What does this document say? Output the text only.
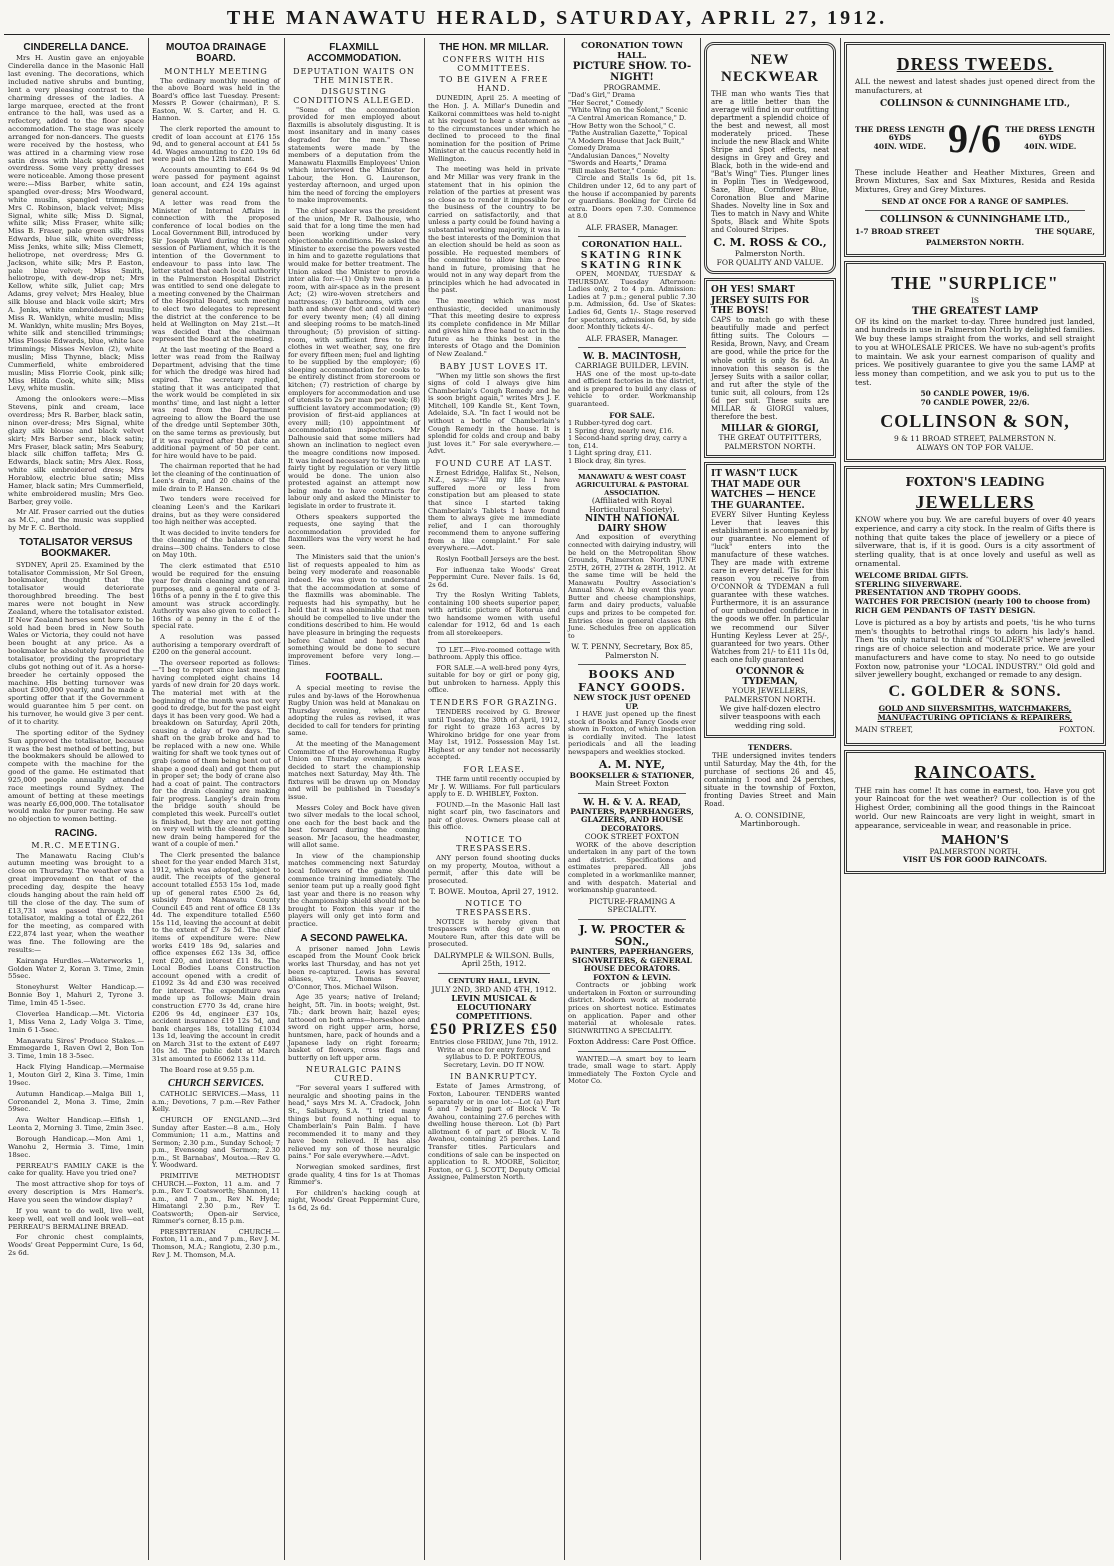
THE MANAWATU HERALD, SATURDAY, APRIL 27, 1912.
CINDERELLA DANCE.

Mrs H. Austin gave an enjoyable Cinderella dance in the Masonic Hall last evening. The decorations, which included native shrubs and bunting, lent a very pleasing contrast to the charming dresses of the ladies. A large marquee, erected at the front entrance to the hall, was used as a refectory, added to the floor space accommodation. The stage was nicely arranged for non-dancers. The guests were received by the hostess, who was attired in a charming view rose satin dress with black spangled net overdress. Some very pretty dresses were noticeable. Among those present were:—Miss Barber, white satin, spangled over-dress; Mrs Woodward, white muslin, spangled trimmings; Mrs C. Robinson, black velvet; Miss Signal, white silk; Miss D. Signal, white silk; Miss Fraser, white silk; Miss B. Fraser, pale green silk; Miss Edwards, blue silk, white overdress; Miss Jenks, white silk; Miss Clemett, heliotrope, net overdress; Mrs G. Jackson, white silk; Mrs P. Easton, pale blue velvet; Miss Smith, heliotrope, with dew-drop net; Mrs Kellow, white silk, Juliet cap; Mrs Adams, grey velvet; Mrs Healey, blue silk blouse and black voile skirt; Mrs A. Jenks, white embroidered muslin; Miss R. Wanklyn, white muslin; Miss M. Wanklyn, white muslin; Mrs Boyes, white silk and stencilled trimmings; Miss Flossie Edwards, blue, white lace trimmings; Misses Nevlon (2), white muslin; Miss Thynne, black; Miss Cummerfield, white embroidered muslin; Miss Florrie Cook, pink silk; Miss Hilda Cook, white silk; Miss Levy, white muslin.

Among the onlookers were:—Miss Stevens, pink and cream, lace overdress; Mrs R. Barber, black satin, ninon over-dress; Mrs Signal, white glazy silk blouse and black velvet skirt; Mrs Barber senr., black satin; Mrs Fraser, black satin; Mrs Seabury, black silk chiffon taffeta; Mrs G. Edwards, black satin; Mrs Alex. Ross, white silk embroidered dress; Mrs Horablow, electric blue satin; Miss Hamer, black satin; Mrs Cummerfield, white embroidered muslin; Mrs Geo. Barber, grey voile.

Mr Alf. Fraser carried out the duties as M.C., and the music was supplied by Mr F. C. Berthold.

TOTALISATOR VERSUS BOOKMAKER.

SYDNEY, April 25. Examined by the totalisator Commission, Mr Sol Green, bookmaker, thought that the totalisator would deteriorate thoroughbred breeding. The best mares were not bought in New Zealand, where the totalisator existed. If New Zealand horses sent here to be sold had been bred in New South Wales or Victoria, they could not have been bought at any price. As a bookmaker he absolutely favoured the totalisator, providing the proprietary clubs got nothing out of it. As a horse-breeder he certainly opposed the machine. His betting turnover was about £300,000 yearly, and he made a sporting offer that if the Government would guarantee him 5 per cent. on his turnover, he would give 3 per cent. of it to charity.

The sporting editor of the Sydney Sun approved the totalisator, because it was the best method of betting, but the bookmakers should be allowed to compete with the machine for the good of the game. He estimated that 925,000 people annually attended race meetings round Sydney. The amount of betting at these meetings was nearly £6,000,000. The totalisator would make for purer racing. He saw no objection to women betting.

RACING.
M.R.C. MEETING.

The Manawatu Racing Club's autumn meeting was brought to a close on Thursday. The weather was a great improvement on that of the preceding day, despite the heavy clouds hanging about the rain held off till the close of the day. The sum of £13,731 was passed through the totalisator, making a total of £22,261 for the meeting, as compared with £22,874 last year, when the weather was fine. The following are the results:—

Kairanga Hurdles.—Waterworks 1, Golden Water 2, Koran 3. Time, 2min 55sec.

Stoneyhurst Welter Handicap.—Bonnie Boy 1, Mahuri 2, Tyrone 3. Time, 1min 45 1-5sec.

Cloverlea Handicap.—Mt. Victoria 1, Miss Vena 2, Lady Volga 3. Time, 1min 6 1-5sec.

Manawatu Sires' Produce Stakes.—Emmegarde 1, Raven Owl 2, Bon Ton 3. Time, 1min 18 3-5sec.

Hack Flying Handicap.—Mermaise 1, Mouton Girl 2, Kina 3. Time, 1min 19sec.

Autumn Handicap.—Malga Bill 1, Coronandel 2, Mona 3. Time, 2min 59sec.

Ava Welter Handicap.—Elfish 1, Leonta 2, Morning 3. Time, 2min 3sec.

Borough Handicap.—Mon Ami 1, Wanohu 2, Hermia 3. Time, 1min 18sec.

PERREAU'S FAMILY CAKE is the cake for quality. Have you tried one?

The most attractive shop for toys of every description is Mrs Hamer's. Have you seen the window display?

If you want to do well, live well, keep well, eat well and look well—eat PERREAU'S BERMALINE BREAD.

For chronic chest complaints, Woods' Great Peppermint Cure, 1s 6d, 2s 6d.

MOUTOA DRAINAGE BOARD.
MONTHLY MEETING

The ordinary monthly meeting of the above Board was held in the Board's office last Tuesday. Present: Messrs P. Gower (chairman), P. S. Easton, W. S. Carter, and H. G. Hannon.

The clerk reported the amount to credit of loan account at £176 15s 9d, and to general account at £41 5s 4d. Wages amounting to £20 19s 6d were paid on the 12th instant.

Accounts amounting to £64 9s 9d were passed for payment against loan account, and £24 19s against general account.

A letter was read from the Minister of Internal Affairs in connection with the proposed conference of local bodies on the Local Government Bill, introduced by Sir Joseph Ward during the recent session of Parliament, which it is the intention of the Government to endeavour to pass into law. The letter stated that each local authority in the Palmerston Hospital District was entitled to send one delegate to a meeting convened by the Chairman of the Hospital Board, such meeting to elect two delegates to represent the district at the conference to be held at Wellington on May 21st.—It was decided that the chairman represent the Board at the meeting.

At the last meeting of the Board a letter was read from the Railway Department, advising that the time for which the dredge was hired had expired. The secretary replied, stating that it was anticipated that the work would be completed in six months' time, and last night a letter was read from the Department agreeing to allow the Board the use of the dredge until September 30th, on the same terms as previously, but if it was required after that date an additional payment of 50 per cent. for hire would have to be paid.

The chairman reported that he had let the cleaning of the continuation of Leen's drain, and 20 chains of the mile drain to P. Hansen.

Two tenders were received for cleaning Leen's and the Karikari drains, but as they were considered too high neither was accepted.

It was decided to invite tenders for the cleaning of the balance of the drains—300 chains. Tenders to close on May 10th.

The clerk estimated that £510 would be required for the ensuing year for drain cleaning and general purposes, and a general rate of 3-16ths of a penny in the £ to give this amount was struck accordingly. Authority was also given to collect 1-16ths of a penny in the £ of the special rate.

A resolution was passed authorising a temporary overdraft of £200 on the general account.

The overseer reported as follows:—"I beg to report since last meeting having completed eight chains 14 yards of new drain for 20 days work. The material met with at the beginning of the month was not very good to dredge, but for the past eight days it has been very good. We had a breakdown on Saturday, April 20th, causing a delay of two days. The shaft on the grab broke and had to be replaced with a new one. While waiting for shaft we took tynes out of grab (some of them being bent out of shape a good deal) and got them put in proper set; the body of crane also had a coat of paint. The contractors for the drain cleaning are making fair progress. Langley's drain from the bridge south should be completed this week. Purcell's outlet is finished, but they are not getting on very well with the cleaning of the new drain being hampered for the want of a couple of men."

The Clerk presented the balance sheet for the year ended March 31st, 1912, which was adopted, subject to audit. The receipts of the general account totalled £553 15s 1od, made up of general rates £500 2s 6d, subsidy from Manawatu County Council £45 and rent of office £8 13s 4d. The expenditure totalled £560 15s 11d, leaving the account at debit to the extent of £7 3s 5d. The chief items of expenditure were: New works £419 18s 9d, salaries and office expenses £62 13s 3d, office rent £20, and interest £11 8s. The Local Bodies Loans Construction account opened with a credit of £1092 3s 4d and £30 was received for interest. The expenditure was made up as follows: Main drain construction £770 3s 4d, crane hire £206 9s 4d, engineer £37 10s, accident insurance £19 12s 5d, and bank charges 18s, totalling £1034 13s 1d, leaving the account in credit on March 31st to the extent of £497 10s 3d. The public debt at March 31st amounted to £6062 13s 11d.

The Board rose at 9.55 p.m.

CHURCH SERVICES.

CATHOLIC SERVICES.—Mass, 11 a.m.; Devotions, 7 p.m.—Rev Father Kelly.

CHURCH OF ENGLAND.—3rd Sunday after Easter.—8 a.m., Holy Communion; 11 a.m., Mattins and Sermon; 2.30 p.m., Sunday School; 7 p.m., Evensong and Sermon; 2.30 p.m., St Barnabas', Moutoa.—Rev G. Y. Woodward.

PRIMITIVE METHODIST CHURCH.—Foxton, 11 a.m. and 7 p.m., Rev T. Coatsworth; Shannon, 11 a.m., and 7 p.m., Rev N. Hyde; Himatangi 2.30 p.m., Rev T. Coatsworth; Open-air Service, Rimmer's corner, 8.15 p.m.

PRESBYTERIAN CHURCH.—Foxton, 11 a.m., and 7 p.m., Rev J. M. Thomson, M.A.; Rangiotu, 2.30 p.m., Rev J. M. Thomson, M.A.

FLAXMILL ACCOMMODATION.
DEPUTATION WAITS ON THE MINISTER.
DISGUSTING CONDITIONS ALLEGED.

"Some of the accommodation provided for men employed about flaxmills is absolutely disgusting. It is most insanitary and in many cases degraded for the men." These statements were made by the members of a deputation from the Manawatu Flaxmills Employees' Union which interviewed the Minister for Labour, the Hon. G. Laurenson, yesterday afternoon, and urged upon him the need of forcing the employers to make improvements.

The chief speaker was the president of the union, Mr R. Dalhousie, who said that for a long time the men had been working under very objectionable conditions. He asked the Minister to exercise the powers vested in him and to gazette regulations that would make for better treatment. The Union asked the Minister to provide inter alia for:—(1) Only two men in a room, with air-space as in the present Act; (2) wire-woven stretchers and mattresses; (3) bathrooms, with one bath and shower (hot and cold water) for every twenty men; (4) all dining and sleeping rooms to be match-lined throughout; (5) provision of sitting-room, with sufficient fires to dry clothes in wet weather, say, one fire for every fifteen men; fuel and lighting to be supplied by the employer; (6) sleeping accommodation for cooks to be entirely distinct from storeroom or kitchen; (7) restriction of charge by employers for accommodation and use of utensils to 2s per man per week; (8) sufficient lavatory accommodation; (9) provision of first-aid appliances at every mill; (10) appointment of accommodation inspectors. Mr Dalhousie said that some millers had shown an inclination to neglect even the meagre conditions now imposed. It was indeed necessary to tie them up fairly tight by regulation or very little would be done. The union also protested against an attempt now being made to have contracts for labour only and asked the Minister to legislate in order to frustrate it.

Others speakers supported the requests, one saying that the accommodation provided for flaxmillers was the very worst he had seen.

The Ministers said that the union's list of requests appealed to him as being very moderate and reasonable indeed. He was given to understand that the accommodation at some of the flaxmills was abominable. The requests had his sympathy, but he held that it was abominable that men should be compelled to live under the conditions described to him. He would have pleasure in bringing the requests before Cabinet and hoped that something would be done to secure improvement before very long.—Times.

FOOTBALL.

A special meeting to revise the rules and by-laws of the Horowhenua Rugby Union was held at Manakau on Thursday evening, when after adopting the rules as revised, it was decided to call for tenders for printing same.

At the meeting of the Management Committee of the Horowhenua Rugby Union on Thursday evening, it was decided to start the championship matches next Saturday, May 4th. The fixtures will be drawn up on Monday and will be published in Tuesday's issue.

Messrs Coley and Bock have given two silver medals to the local school, one each for the best back and the best forward during the coming season. Mr Jacasou, the headmaster, will allot same.

In view of the championship matches commencing next Saturday local followers of the game should commence training immediately. The senior team put up a really good fight last year and there is no reason why the championship shield should not be brought to Foxton this year if the players will only get into form and practice.

A SECOND PAWELKA.

A prisoner named John Lewis escaped from the Mount Cook brick works last Thursday, and has not yet been re-captured. Lewis has several aliases, viz., Thomas Feaver, O'Connor, Thos. Michael Wilson.

Age 35 years; native of Ireland; height, 5ft. 7in. in boots; weight, 9st. 7lb.; dark brown hair, hazel eyes; tattooed on both arms—horseshoe and sword on right upper arm, horse, huntsmen, hare, pack of hounds and a Japanese lady on right forearm; basket of flowers, cross flags and butterfly on left upper arm.

NEURALGIC PAINS CURED.

"For several years I suffered with neuralgic and shooting pains in the head," says Mrs M. A. Cradock, John St., Salisbury, S.A. "I tried many things but found nothing equal to Chamberlain's Pain Balm. I have recommended it to many and they have been relieved. It has also relieved my son of those neuralgic pains." For sale everywhere.—Advt.

Norwegian smoked sardines, first grade quality, 4 tins for 1s at Thomas Rimmer's.

For children's hacking cough at night, Woods' Great Peppermint Cure, 1s 6d, 2s 6d.

THE HON. MR MILLAR.
CONFERS WITH HIS COMMITTEES.
TO BE GIVEN A FREE HAND.

DUNEDIN, April 25. A meeting of the Hon. J. A. Millar's Dunedin and Kaikorai committees was held to-night at his request to hear a statement as to the circumstances under which he declined to proceed to the final nomination for the position of Prime Minister at the caucus recently held in Wellington.

The meeting was held in private and Mr Millar was very frank in the statement that in his opinion the relation of the parties at present was so close as to render it impossible for the business of the country to be carried on satisfactorily, and that unless a party could be found having a substantial working majority, it was in the best interests of the Dominion that an election should be held as soon as possible. He requested members of the committee to allow him a free hand in future, promising that he would not in any way depart from the principles which he had advocated in the past.

The meeting which was most enthusiastic, decided unanimously "That this meeting desire to express its complete confidence in Mr Millar and gives him a free hand to act in the future as he thinks best in the interests of Otago and the Dominion of New Zealand."

BABY JUST LOVES IT.

"When my little son shows the first signs of cold I always give him Chamberlain's Cough Remedy and he is soon bright again," writes Mrs J. F. Mitchell, 109 Kandle St., Kent Town, Adelaide, S.A. "In fact I would not be without a bottle of Chamberlain's Cough Remedy in the house. It is splendid for colds and croup and baby just loves it." For sale everywhere.—Advt.

FOUND CURE AT LAST.

Ernest Edridge, Halifax St., Nelson, N.Z., says:—"All my life I have suffered more or less from constipation but am pleased to state that since I started taking Chamberlain's Tablets I have found them to always give me immediate relief, and I can thoroughly recommend them to anyone suffering from a like complaint." For sale everywhere.—Advt.

Roslyn Football Jerseys are the best.

For influenza take Woods' Great Peppermint Cure. Never fails. 1s 6d, 2s 6d.

Try the Roslyn Writing Tablets, containing 100 sheets superior paper, with artistic picture of Rotorua and two handsome women with useful calendar for 1912, 6d and 1s each from all storekeepers.

TO LET.—Five-roomed cottage with bathroom. Apply this office.

FOR SALE.—A well-bred pony 4yrs, suitable for boy or girl or pony gig, but unbroken to harness. Apply this office.

TENDERS FOR GRAZING.

TENDERS received by G. Brewer until Tuesday, the 30th of April, 1912, for right to graze 163 acres by Whirokino bridge for one year from May 1st, 1912. Possession May 1st. Highest or any tender not necessarily accepted.

FOR LEASE.

THE farm until recently occupied by Mr J. W. Williams. For full particulars apply to E. D. WHIBLEY, Foxton.

FOUND.—In the Masonic Hall last night scarf pin, two fascinators and pair of gloves. Owners please call at this office.

NOTICE TO TRESPASSERS.

ANY person found shooting ducks on my property, Moutoa, without a permit, after this date will be prosecuted.

T. BOWE. Moutoa, April 27, 1912.
NOTICE TO TRESPASSERS.

NOTICE is hereby given that trespassers with dog or gun on Moutere Run, after this date will be prosecuted.

DALRYMPLE & WILSON. Bulls, April 25th, 1912.
CENTURY HALL, LEVIN.
JULY 2ND, 3RD AND 4TH, 1912.
LEVIN MUSICAL & ELOCUTIONARY COMPETITIONS.
£50 PRIZES £50

Entries close FRIDAY, June 7th, 1912. Write at once for entry forms and syllabus to D. P. PORTEOUS, Secretary, Levin. DO IT NOW.

IN BANKRUPTCY.

Estate of James Armstrong, of Foxton, Labourer. TENDERS wanted separately or in one lot:—Lot (a) Part 6 and 7 being part of Block V. Te Awahou, containing 27.6 perches with dwelling house thereon. Lot (b) Part allotment 6 of part of Block V. Te Awahou, containing 25 perches. Land Transfer titles. Particulars and conditions of sale can be inspected on application to R. MOORE, Solicitor, Foxton, or G. J. SCOTT, Deputy Official Assignee, Palmerston North.

CORONATION TOWN HALL.
PICTURE SHOW. TO-NIGHT!
PROGRAMME.
"Dad's Girl," Drama
"Her Secret," Comedy
"White Wing on the Solent," Scenic
"A Central American Romance," D.
"How Betty won the School," C.
"Pathe Australian Gazette," Topical
"A Modern House that Jack Built," Comedy Drama
"Andalusian Dances," Novelty
"Swords and Hearts," Drama
"Bill makes Better," Comic

Circle and Stalls 1s 6d, pit 1s. Children under 12, 6d to any part of the house if accompanied by parents or guardians. Booking for Circle 6d extra. Doors open 7.30. Commence at 8.0

ALF. FRASER, Manager.
CORONATION HALL.
SKATING RINK SKATING RINK

OPEN, MONDAY, TUESDAY & THURSDAY. Tuesday Afternoon: Ladies only, 2 to 4 p.m. Admission: Ladies at 7 p.m.; general public 7.30 p.m. Admission, 6d. Use of Skates: Ladies 6d, Gents 1/-. Stage reserved for spectators, admission 6d, by side door. Monthly tickets 4/-.

ALF. FRASER, Manager.
W. B. MACINTOSH,
CARRIAGE BUILDER, LEVIN.

HAS one of the most up-to-date and efficient factories in the district, and is prepared to build any class of vehicle to order. Workmanship guaranteed.

FOR SALE.
1 Rubber-tyred dog cart.
1 Spring dray, nearly new, £16.
1 Second-hand spring dray, carry a ton, £14.
1 Light spring dray, £11.
1 Block dray, 8in tyres.
MANAWATU & WEST COAST AGRICULTURAL & PASTORAL ASSOCIATION.
(Affiliated with Royal Horticultural Society).
NINTH NATIONAL DAIRY SHOW

And exposition of everything connected with dairying industry, will be held on the Metropolitan Show Grounds, Palmerston North JUNE 25TH, 26TH, 27TH & 28TH, 1912. At the same time will be held the Manawatu Poultry Association's Annual Show. A big event this year. Butter and cheese championships, farm and dairy products, valuable cups and prizes to be competed for. Entries close in general classes 8th June. Schedules free on application to

W. T. PENNY, Secretary, Box 85, Palmerston N.
BOOKS AND FANCY GOODS.
NEW STOCK JUST OPENED UP.

I HAVE just opened up the finest stock of Books and Fancy Goods ever shown in Foxton, of which inspection is cordially invited. The latest periodicals and all the leading newspapers and weeklies stocked.

A. M. NYE,
BOOKSELLER & STATIONER,
Main Street Foxton
W. H. & V. A. READ,
PAINTERS, PAPERHANGERS, GLAZIERS, AND HOUSE DECORATORS.
COOK STREET FOXTON

WORK of the above description undertaken in any part of the town and district. Specifications and estimates prepared. All jobs completed in a workmanlike manner, and with despatch. Material and workmanship guaranteed.

PICTURE-FRAMING A SPECIALITY.
J. W. PROCTER & SON.,
PAINTERS, PAPERHANGERS, SIGNWRITERS, & GENERAL HOUSE DECORATORS. FOXTON & LEVIN.

Contracts or jobbing work undertaken in Foxton or surrounding district. Modern work at moderate prices on shortest notice. Estimates on application. Paper and other material at wholesale rates. SIGNWRITING A SPECIALITY.

Foxton Address: Care Post Office.

WANTED.—A smart boy to learn trade, small wage to start. Apply immediately The Foxton Cycle and Motor Co.

NEW NECKWEAR

THE man who wants Ties that are a little better than the average will find in our outfitting department a splendid choice of the best and newest, all most moderately priced. These include the new Black and White Stripe and Spot effects, neat designs in Grey and Grey and Black, both in the wide-end and "Bat's Wing" Ties. Plunger lines in Poplin Ties in Wedgewood, Saxe, Blue, Cornflower Blue, Coronation Blue and Marine Shades. Novelty line in Sox and Ties to match in Navy and White Spots, Black and White Spots and Coloured Stripes.

C. M. ROSS & CO.,
Palmerston North.
FOR QUALITY AND VALUE.
OH YES! SMART JERSEY SUITS FOR THE BOYS!

CAPS to match go with these beautifully made and perfect fitting suits. The Colours — Resida, Brown, Navy, and Cream are good, while the price for the whole outfit is only 8s 6d. An innovation this season is the Jersey Suits with a sailor collar, and rut after the style of the tunic suit, all colours, from 12s 6d per suit. These suits are MILLAR & GIORGI values, therefore the best.

MILLAR & GIORGI,
THE GREAT OUTFITTERS,
PALMERSTON NORTH.
IT WASN'T LUCK THAT MADE OUR WATCHES — HENCE THE GUARANTEE.

EVERY Silver Hunting Keyless Lever that leaves this establishment is accompanied by our guarantee. No element of "luck" enters into the manufacture of these watches. They are made with extreme care in every detail. 'Tis for this reason you receive from O'CONNOR & TYDEMAN a full guarantee with these watches. Furthermore, it is an assurance of our unbounded confidence in the goods we offer. In particular we recommend our Silver Hunting Keyless Lever at 25/-, guaranteed for two years. Other Watches from 21/- to £11 11s 0d, each one fully guaranteed

O'CONNOR & TYDEMAN,
YOUR JEWELLERS, PALMERSTON NORTH.
We give half-dozen electro silver teaspoons with each wedding ring sold.
TENDERS.

THE undersigned invites tenders until Saturday, May the 4th, for the purchase of sections 26 and 45, containing 1 rood and 24 perches, situate in the township of Foxton, fronting Davies Street and Main Road.

A. O. CONSIDINE, Martinborough.
DRESS TWEEDS.

ALL the newest and latest shades just opened direct from the manufacturers, at

COLLINSON & CUNNINGHAME LTD.,
THE DRESS LENGTH
6YDS
40IN. WIDE. 9/6 THE DRESS LENGTH
6YDS
40IN. WIDE.

These include Heather and Heather Mixtures, Green and Brown Mixtures, Sax and Sax Mixtures, Resida and Resida Mixtures, Grey and Grey Mixtures.

SEND AT ONCE FOR A RANGE OF SAMPLES.
COLLINSON & CUNNINGHAME LTD.,
1-7 BROAD STREET	THE SQUARE,
PALMERSTON NORTH.
THE "SURPLICE"
IS
THE GREATEST LAMP

OF its kind on the market to-day. Three hundred just landed, and hundreds in use in Palmerston North by delighted families. We buy these lamps straight from the works, and sell straight to you at WHOLESALE PRICES. We have no sub-agent's profits to maintain. We ask your earnest comparison of quality and prices. We positively guarantee to give you the same LAMP at less money than competition, and we ask you to put us to the test.

50 CANDLE POWER, 19/6.
70 CANDLE POWER, 22/6.
COLLINSON & SON,
9 & 11 BROAD STREET, PALMERSTON N.
ALWAYS ON TOP FOR VALUE.
FOXTON'S LEADING
JEWELLERS

KNOW where you buy. We are careful buyers of over 40 years experience, and carry a city stock. In the realm of Gifts there is nothing that quite takes the place of jewellery or a piece of silverware, that is, if it is good. Ours is a city assortment of sterling quality, that is at once lovely and useful as well as ornamental.

WELCOME BRIDAL GIFTS.
STERLING SILVERWARE.
PRESENTATION AND TROPHY GOODS.
WATCHES FOR PRECISION (nearly 100 to choose from)
RICH GEM PENDANTS OF TASTY DESIGN.

Love is pictured as a boy by artists and poets, 'tis he who turns men's thoughts to betrothal rings to adorn his lady's hand. Then 'tis only natural to think of "GOLDER'S" where jewelled rings are of choice selection and moderate price. We are your manufacturers and have come to stay. No need to go outside Foxton now, patronise your "LOCAL INDUSTRY." Old gold and silver jewellery bought, exchanged or remade to any design.

C. GOLDER & SONS.
GOLD AND SILVERSMITHS, WATCHMAKERS, MANUFACTURING OPTICIANS & REPAIRERS,
MAIN STREET,	FOXTON.
RAINCOATS.

THE rain has come! It has come in earnest, too. Have you got your Raincoat for the wet weather? Our collection is of the Highest Order, combining all the good things in the Raincoat world. Our new Raincoats are very light in weight, smart in appearance, serviceable in wear, and reasonable in price.

MAHON'S
PALMERSTON NORTH.
VISIT US FOR GOOD RAINCOATS.
